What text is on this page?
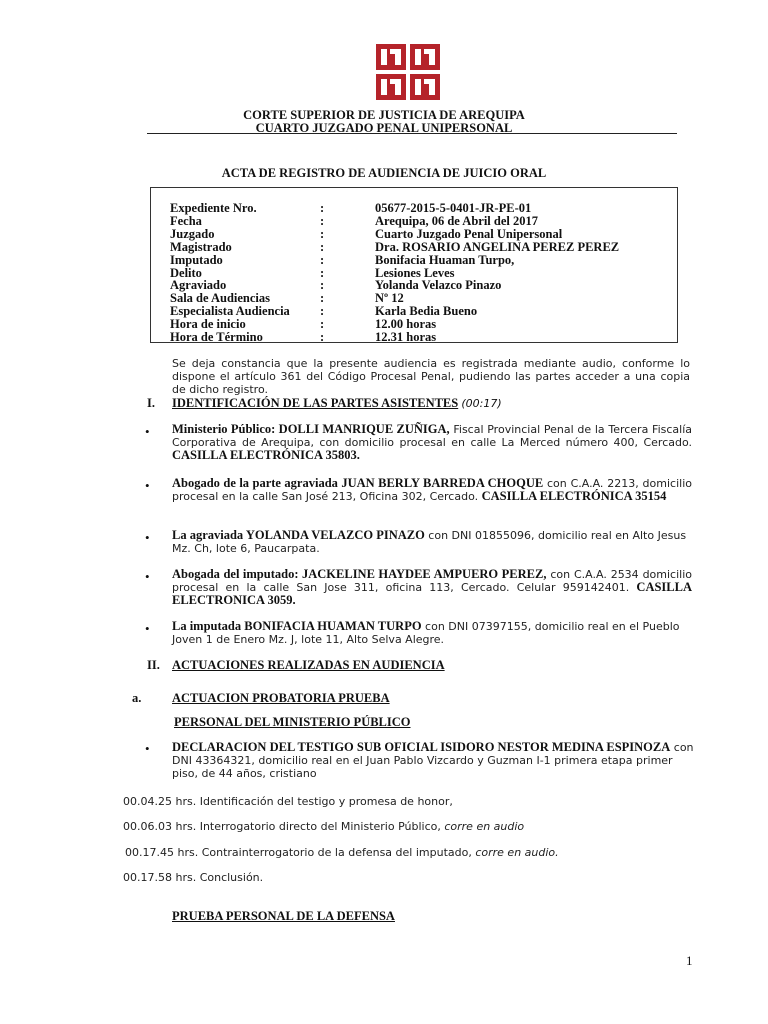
CORTE SUPERIOR DE JUSTICIA DE AREQUIPA
CUARTO JUZGADO PENAL UNIPERSONAL
ACTA DE REGISTRO DE AUDIENCIA DE JUICIO ORAL
Expediente Nro.	:	05677-2015-5-0401-JR-PE-01
Fecha	:	Arequipa, 06 de Abril del 2017
Juzgado	:	Cuarto Juzgado Penal Unipersonal
Magistrado	:	Dra. ROSARIO ANGELINA PEREZ PEREZ
Imputado	:	Bonifacia Huaman Turpo,
Delito	:	Lesiones Leves
Agraviado	:	Yolanda Velazco Pinazo
Sala de Audiencias	:	Nº 12
Especialista Audiencia :	Karla Bedia Bueno
Hora de inicio	:	12.00 horas
Hora de Término	:	12.31 horas
Se deja constancia que la presente audiencia es registrada mediante audio, conforme lo dispone el artículo 361 del Código Procesal Penal, pudiendo las partes acceder a una copia de dicho registro.
I. IDENTIFICACIÓN DE LAS PARTES ASISTENTES (00:17)
• Ministerio Público: DOLLI MANRIQUE ZUÑIGA, Fiscal Provincial Penal de la Tercera Fiscalía Corporativa de Arequipa, con domicilio procesal en calle La Merced número 400, Cercado. CASILLA ELECTRÓNICA 35803.
• Abogado de la parte agraviada JUAN BERLY BARREDA CHOQUE con C.A.A. 2213, domicilio procesal en la calle San José 213, Oficina 302, Cercado. CASILLA ELECTRÓNICA 35154
• La agraviada YOLANDA VELAZCO PINAZO con DNI 01855096, domicilio real en Alto Jesus Mz. Ch, lote 6, Paucarpata.
• Abogada del imputado: JACKELINE HAYDEE AMPUERO PEREZ, con C.A.A. 2534 domicilio procesal en la calle San Jose 311, oficina 113, Cercado. Celular 959142401. CASILLA ELECTRONICA 3059.
• La imputada BONIFACIA HUAMAN TURPO con DNI 07397155, domicilio real en el Pueblo Joven 1 de Enero Mz. J, lote 11, Alto Selva Alegre.
II. ACTUACIONES REALIZADAS EN AUDIENCIA
a. ACTUACION PROBATORIA PRUEBA
PERSONAL DEL MINISTERIO PÚBLICO
• DECLARACION DEL TESTIGO SUB OFICIAL ISIDORO NESTOR MEDINA ESPINOZA con
DNI 43364321, domicilio real en el Juan Pablo Vizcardo y Guzman I-1 primera etapa primer piso, de 44 años, cristiano
00.04.25 hrs. Identificación del testigo y promesa de honor,
00.06.03 hrs. Interrogatorio directo del Ministerio Público, corre en audio
00.17.45 hrs. Contrainterrogatorio de la defensa del imputado, corre en audio.
00.17.58 hrs. Conclusión.
PRUEBA PERSONAL DE LA DEFENSA
1
